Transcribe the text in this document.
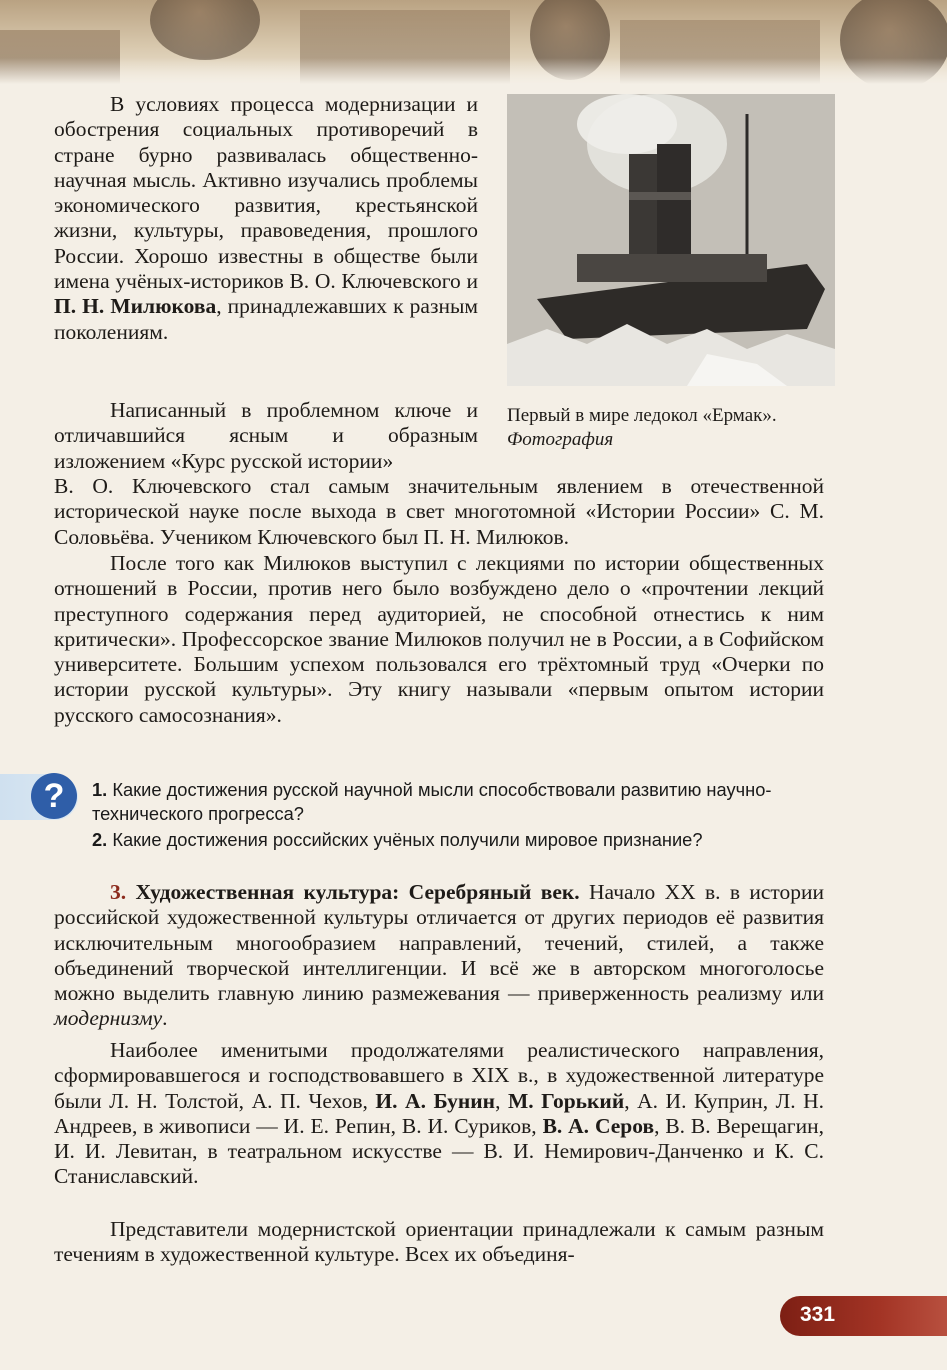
В условиях процесса модернизации и обострения социальных противоречий в стране бурно развивалась общественно-научная мысль. Активно изучались проблемы экономического развития, крестьянской жизни, культуры, правоведения, прошлого России. Хорошо известны в обществе были имена учёных-историков В. О. Ключевского и П. Н. Милюкова, принадлежавших к разным поколениям.

Написанный в проблемном ключе и отличавшийся ясным и образным изложением «Курс русской истории»

Первый в мире ледокол «Ермак».
Фотография

В. О. Ключевского стал самым значительным явлением в отечественной исторической науке после выхода в свет многотомной «Истории России» С. М. Соловьёва. Учеником Ключевского был П. Н. Милюков.

После того как Милюков выступил с лекциями по истории общественных отношений в России, против него было возбуждено дело о «прочтении лекций преступного содержания перед аудиторией, не способной отнестись к ним критически». Профессорское звание Милюков получил не в России, а в Софийском университете. Большим успехом пользовался его трёхтомный труд «Очерки по истории русской культуры». Эту книгу называли «первым опытом истории русского самосознания».

?	1. Какие достижения русской научной мысли способствовали развитию научно-технического прогресса?

2. Какие достижения российских учёных получили мировое признание?

3. Художественная культура: Серебряный век. Начало XX в. в истории российской художественной культуры отличается от других периодов её развития исключительным многообразием направлений, течений, стилей, а также объединений творческой интеллигенции. И всё же в авторском многоголосье можно выделить главную линию размежевания — приверженность реализму или модернизму.

Наиболее именитыми продолжателями реалистического направления, сформировавшегося и господствовавшего в XIX в., в художественной литературе были Л. Н. Толстой, А. П. Чехов, И. А. Бунин, М. Горький, А. И. Куприн, Л. Н. Андреев, в живописи — И. Е. Репин, В. И. Суриков, В. А. Серов, В. В. Верещагин, И. И. Левитан, в театральном искусстве — В. И. Немирович-Данченко и К. С. Станиславский.

Представители модернистской ориентации принадлежали к самым разным течениям в художественной культуре. Всех их объединя-

331
